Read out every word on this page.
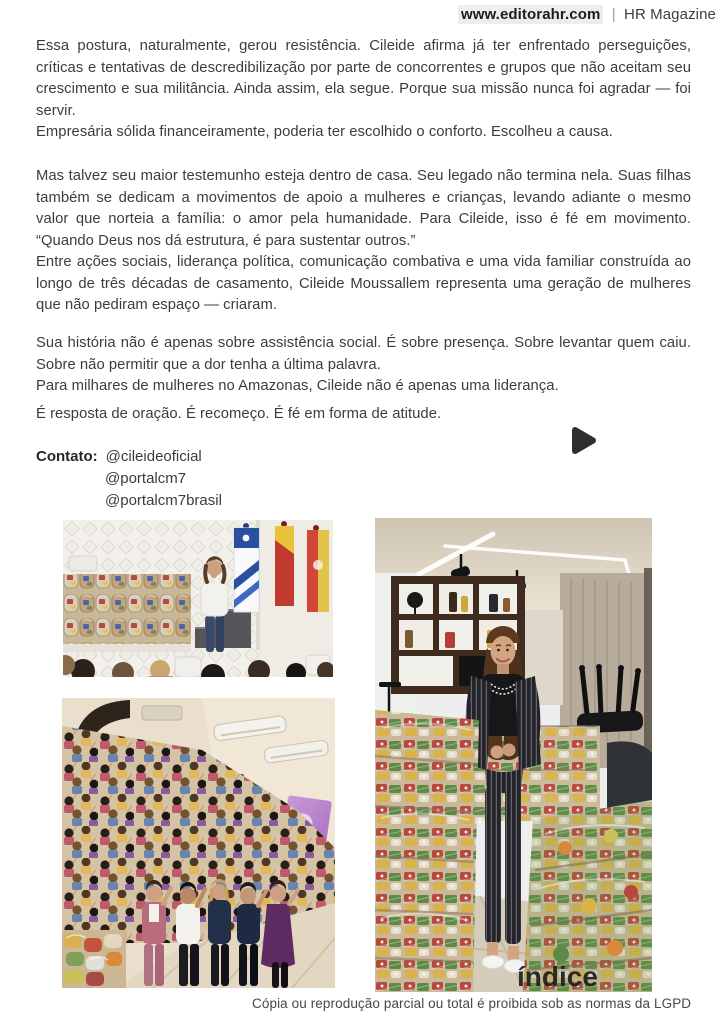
www.editorahr.com | HR Magazine

Essa postura, naturalmente, gerou resistência. Cileide afirma já ter enfrentado perseguições, críticas e tentativas de descredibilização por parte de concorrentes e grupos que não aceitam seu crescimento e sua militância. Ainda assim, ela segue. Porque sua missão nunca foi agradar — foi servir.

Empresária sólida financeiramente, poderia ter escolhido o conforto. Escolheu a causa.

Mas talvez seu maior testemunho esteja dentro de casa. Seu legado não termina nela. Suas filhas também se dedicam a movimentos de apoio a mulheres e crianças, levando adiante o mesmo valor que norteia a família: o amor pela humanidade. Para Cileide, isso é fé em movimento. “Quando Deus nos dá estrutura, é para sustentar outros.”

Entre ações sociais, liderança política, comunicação combativa e uma vida familiar construída ao longo de três décadas de casamento, Cileide Moussallem representa uma geração de mulheres que não pediram espaço — criaram.

Sua história não é apenas sobre assistência social. É sobre presença. Sobre levantar quem caiu. Sobre não permitir que a dor tenha a última palavra.

Para milhares de mulheres no Amazonas, Cileide não é apenas uma liderança.

É resposta de oração. É recomeço. É fé em forma de atitude.

Contato: @cileideoficial
@portalcm7
@portalcm7brasil
índice
Cópia ou reprodução parcial ou total é proibida sob as normas da LGPD
